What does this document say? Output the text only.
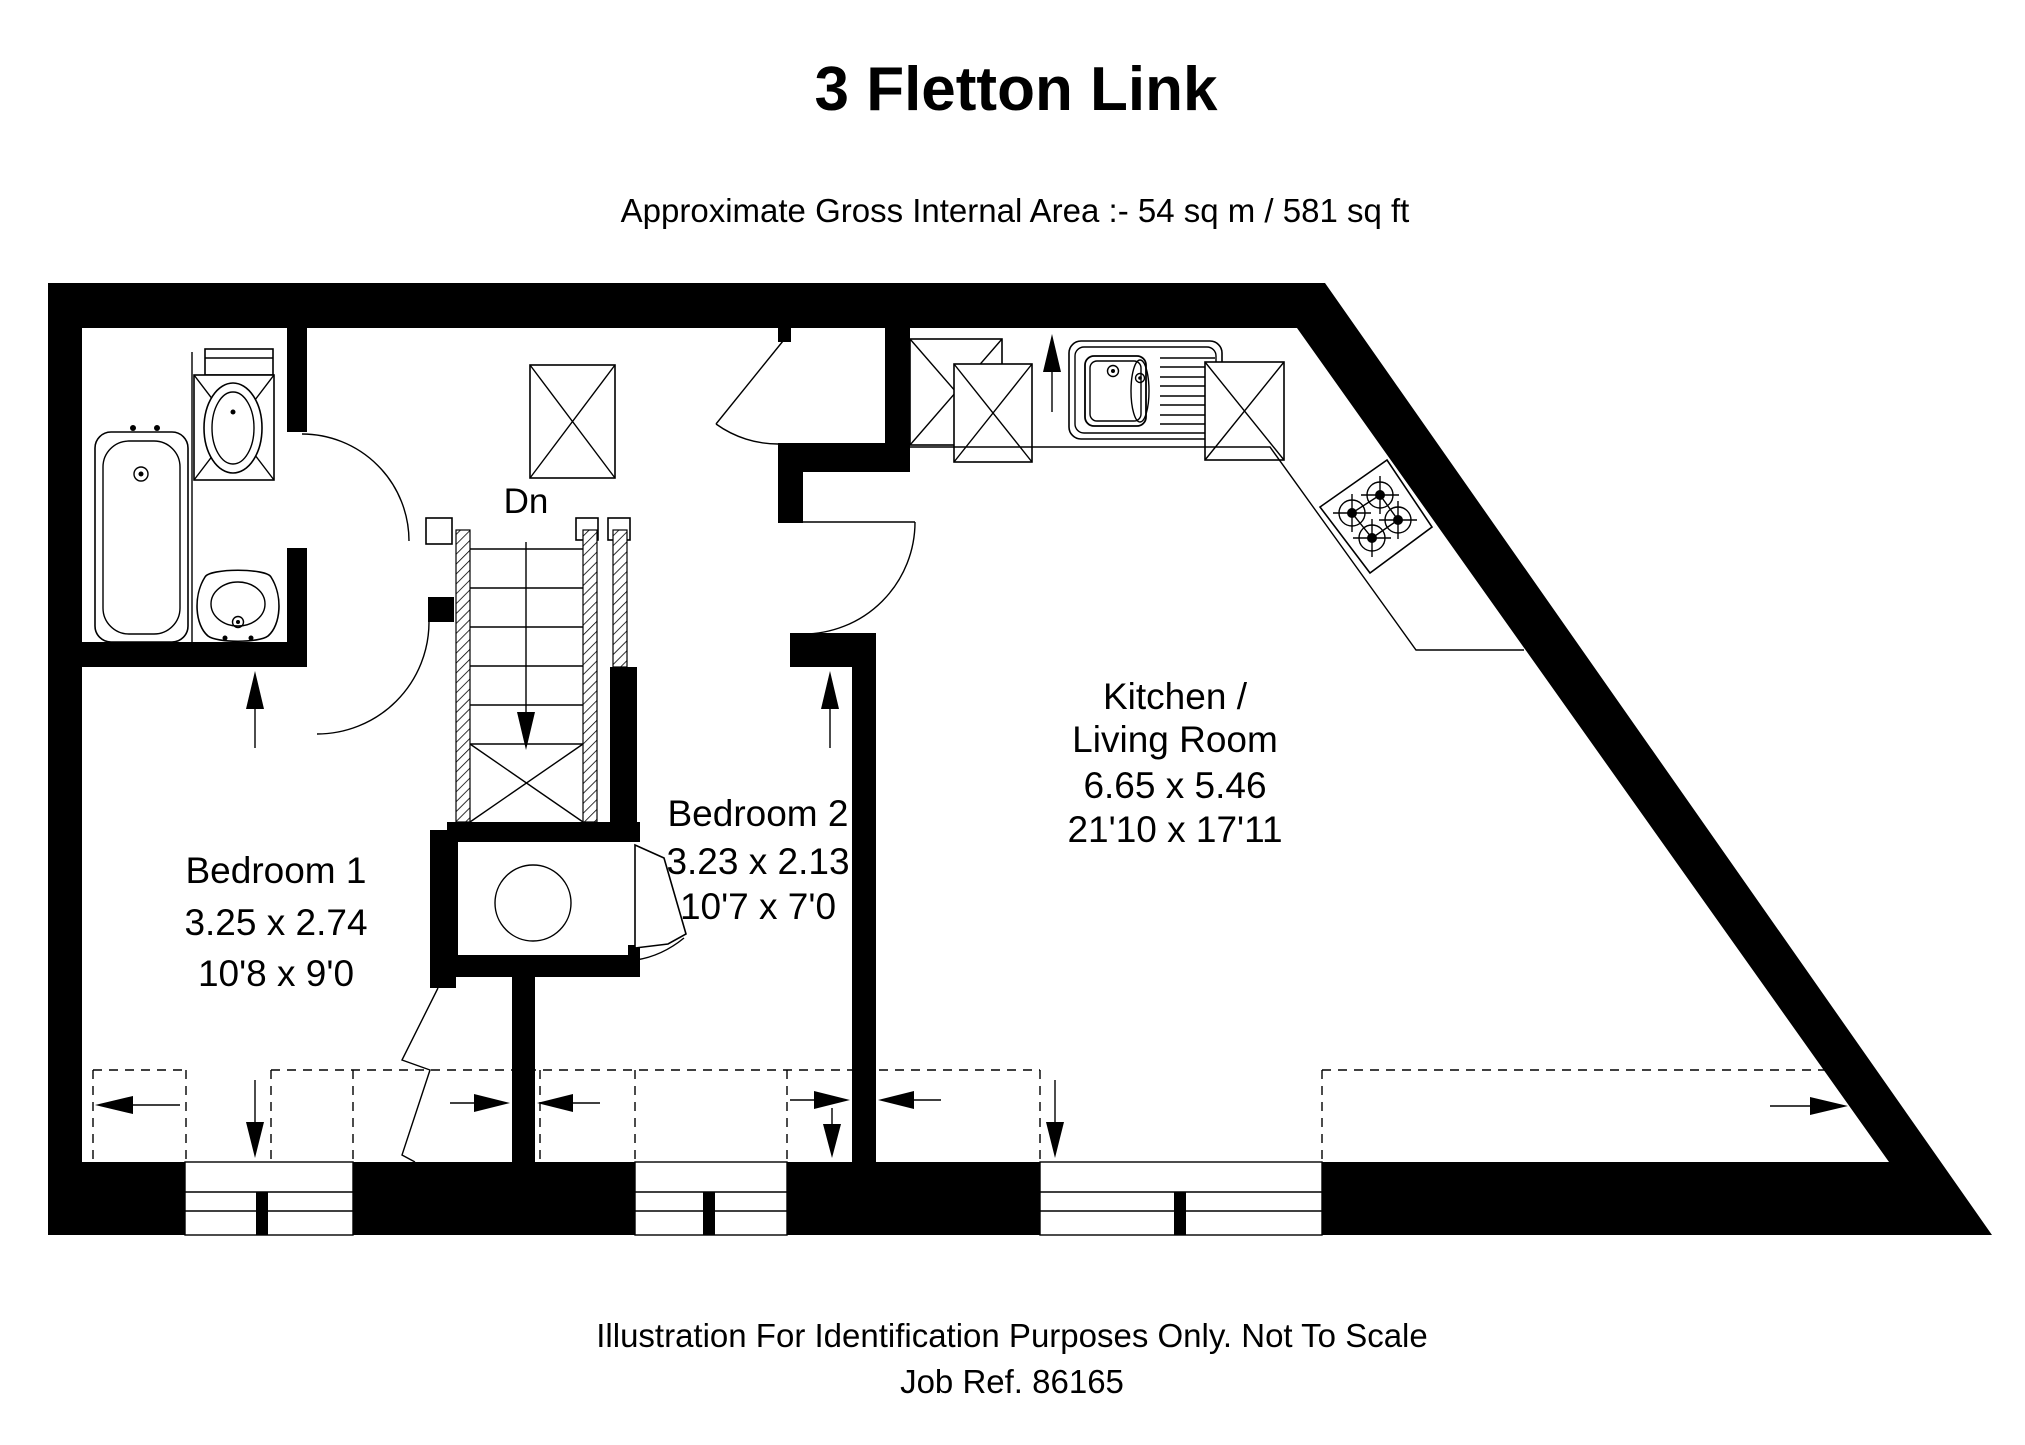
3 Fletton Link
Approximate Gross Internal Area :- 54 sq m / 581 sq ft
Dn
Bedroom 1
3.25 x 2.74
10'8 x 9'0
Bedroom 2
3.23 x 2.13
10'7 x 7'0
Kitchen /
Living Room
6.65 x 5.46
21'10 x 17'11
Illustration For Identification Purposes Only. Not To Scale
Job Ref. 86165
